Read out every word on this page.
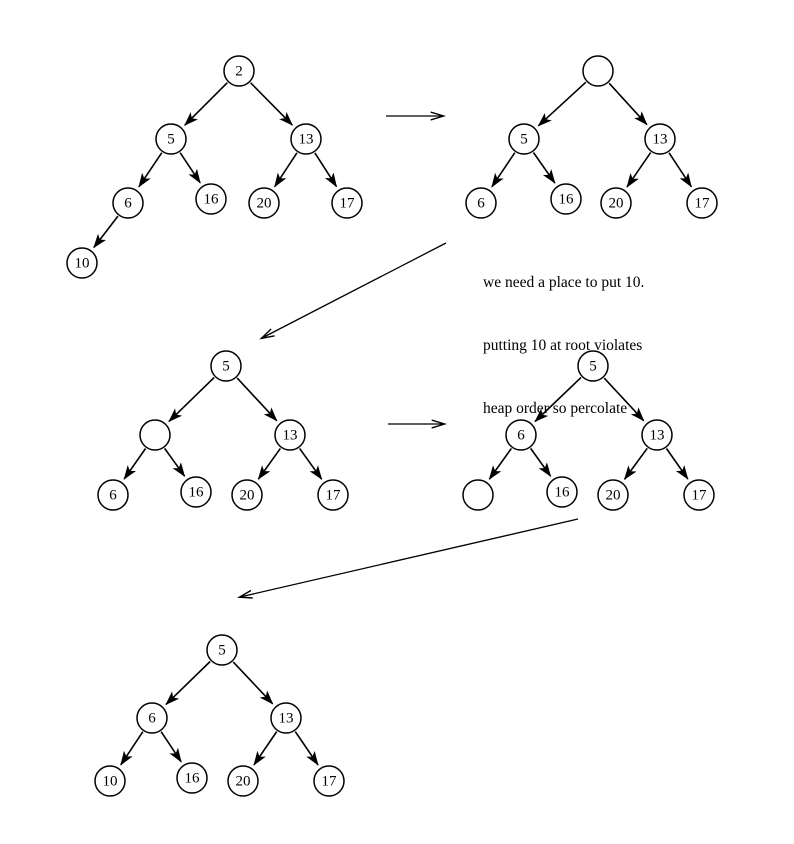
2
5	13
6	16	20	17
10
5	13
6	16 20	17
5
13
6	16 20	17
5
6	13
16 20	17
5
6	13
10	16 20	17

we need a place to put 10.

putting 10 at root violates

heap order so percolate
